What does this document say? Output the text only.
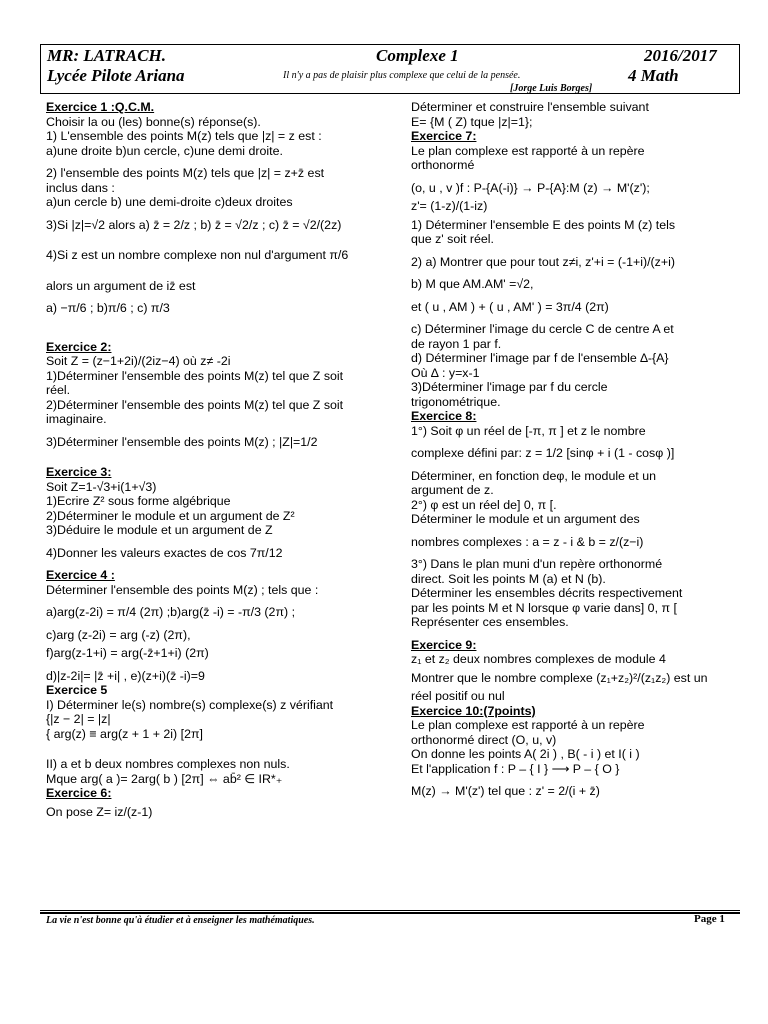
MR: LATRACH.	Complexe 1	2016/2017
Lycée Pilote Ariana	Il n'y a pas de plaisir plus complexe que celui de la pensée.	4 Math
[Jorge Luis Borges]
Exercice 1 :Q.C.M.
Choisir la ou (les) bonne(s) réponse(s).
1) L'ensemble des points M(z) tels que |z| = z est :
a)une droite b)un cercle, c)une demi droite.
2) l'ensemble des points M(z) tels que |z| = z+z̄ est
inclus dans :
a)un cercle b) une demi-droite c)deux droites
3)Si |z|=√2 alors a) z̄ = 2/z ; b) z̄ = √2/z ; c) z̄ = √2/(2z)
4)Si z est un nombre complexe non nul d'argument π/6
alors un argument de iz̄ est
a) −π/6 ; b)π/6 ; c) π/3
Exercice 2:
Soit Z = (z−1+2i)/(2iz−4) où z≠ -2i
1)Déterminer l'ensemble des points M(z) tel que Z soit
réel.
2)Déterminer l'ensemble des points M(z) tel que Z soit
imaginaire.
3)Déterminer l'ensemble des points M(z) ; |Z|=1/2
Exercice 3:
Soit Z=1-√3+i(1+√3)
1)Ecrire Z² sous forme algébrique
2)Déterminer le module et un argument de Z²
3)Déduire le module et un argument de Z
4)Donner les valeurs exactes de cos 7π/12
Exercice 4 :
Déterminer l'ensemble des points M(z) ; tels que :
a)arg(z-2i) = π/4 (2π) ;b)arg(z̄ -i) = -π/3 (2π) ;
c)arg (z-2i) = arg (-z) (2π),
f)arg(z-1+i) = arg(-z̄+1+i) (2π)
d)|z-2i|= |z̄ +i| , e)(z+i)(z̄ -i)=9
Exercice 5
I) Déterminer le(s) nombre(s) complexe(s) z vérifiant
{|z − 2| = |z|
{ arg(z) ≡ arg(z + 1 + 2i) [2π]
II) a et b deux nombres complexes non nuls.
Mque arg( a )= 2arg( b ) [2π] ⇔ ab̄² ∈ IR*₊
Exercice 6:
On pose Z= iz/(z-1)
Déterminer et construire l'ensemble suivant
E= {M ( Z) tque |z|=1};
Exercice 7:
Le plan complexe est rapporté à un repère
orthonormé
(o, u , v )f : P-{A(-i)} → P-{A}:M (z) → M'(z');
z'= (1-z)/(1-iz)
1) Déterminer l'ensemble E des points M (z) tels
que z' soit réel.
2) a) Montrer que pour tout z≠i, z'+i = (-1+i)/(z+i)
b) M que AM.AM' =√2,
et ( u , AM ) + ( u , AM' ) = 3π/4 (2π)
c) Déterminer l'image du cercle C de centre A et
de rayon 1 par f.
d) Déterminer l'image par f de l'ensemble ∆-{A}
Où ∆ : y=x-1
3)Déterminer l'image par f du cercle
trigonométrique.
Exercice 8:
1°) Soit φ un réel de [-π, π ] et z le nombre
complexe défini par: z = 1/2 [sinφ + i (1 - cosφ )]
Déterminer, en fonction deφ, le module et un
argument de z.
2°) φ est un réel de] 0, π [.
Déterminer le module et un argument des
nombres complexes : a = z - i & b = z/(z−i)
3°) Dans le plan muni d'un repère orthonormé
direct. Soit les points M (a) et N (b).
Déterminer les ensembles décrits respectivement
par les points M et N lorsque φ varie dans] 0, π [
Représenter ces ensembles.
Exercice 9:
z₁ et z₂ deux nombres complexes de module 4
Montrer que le nombre complexe (z₁+z₂)²/(z₁z₂) est un
réel positif ou nul
Exercice 10:(7points)
Le plan complexe est rapporté à un repère
orthonormé direct (O, u, v)
On donne les points A( 2i ) , B( - i ) et I( i )
Et l'application f : P – { I } ⟶ P – { O }
M(z) → M'(z') tel que : z' = 2/(i + z̄)
La vie n'est bonne qu'à étudier et à enseigner les mathématiques.	Page 1
